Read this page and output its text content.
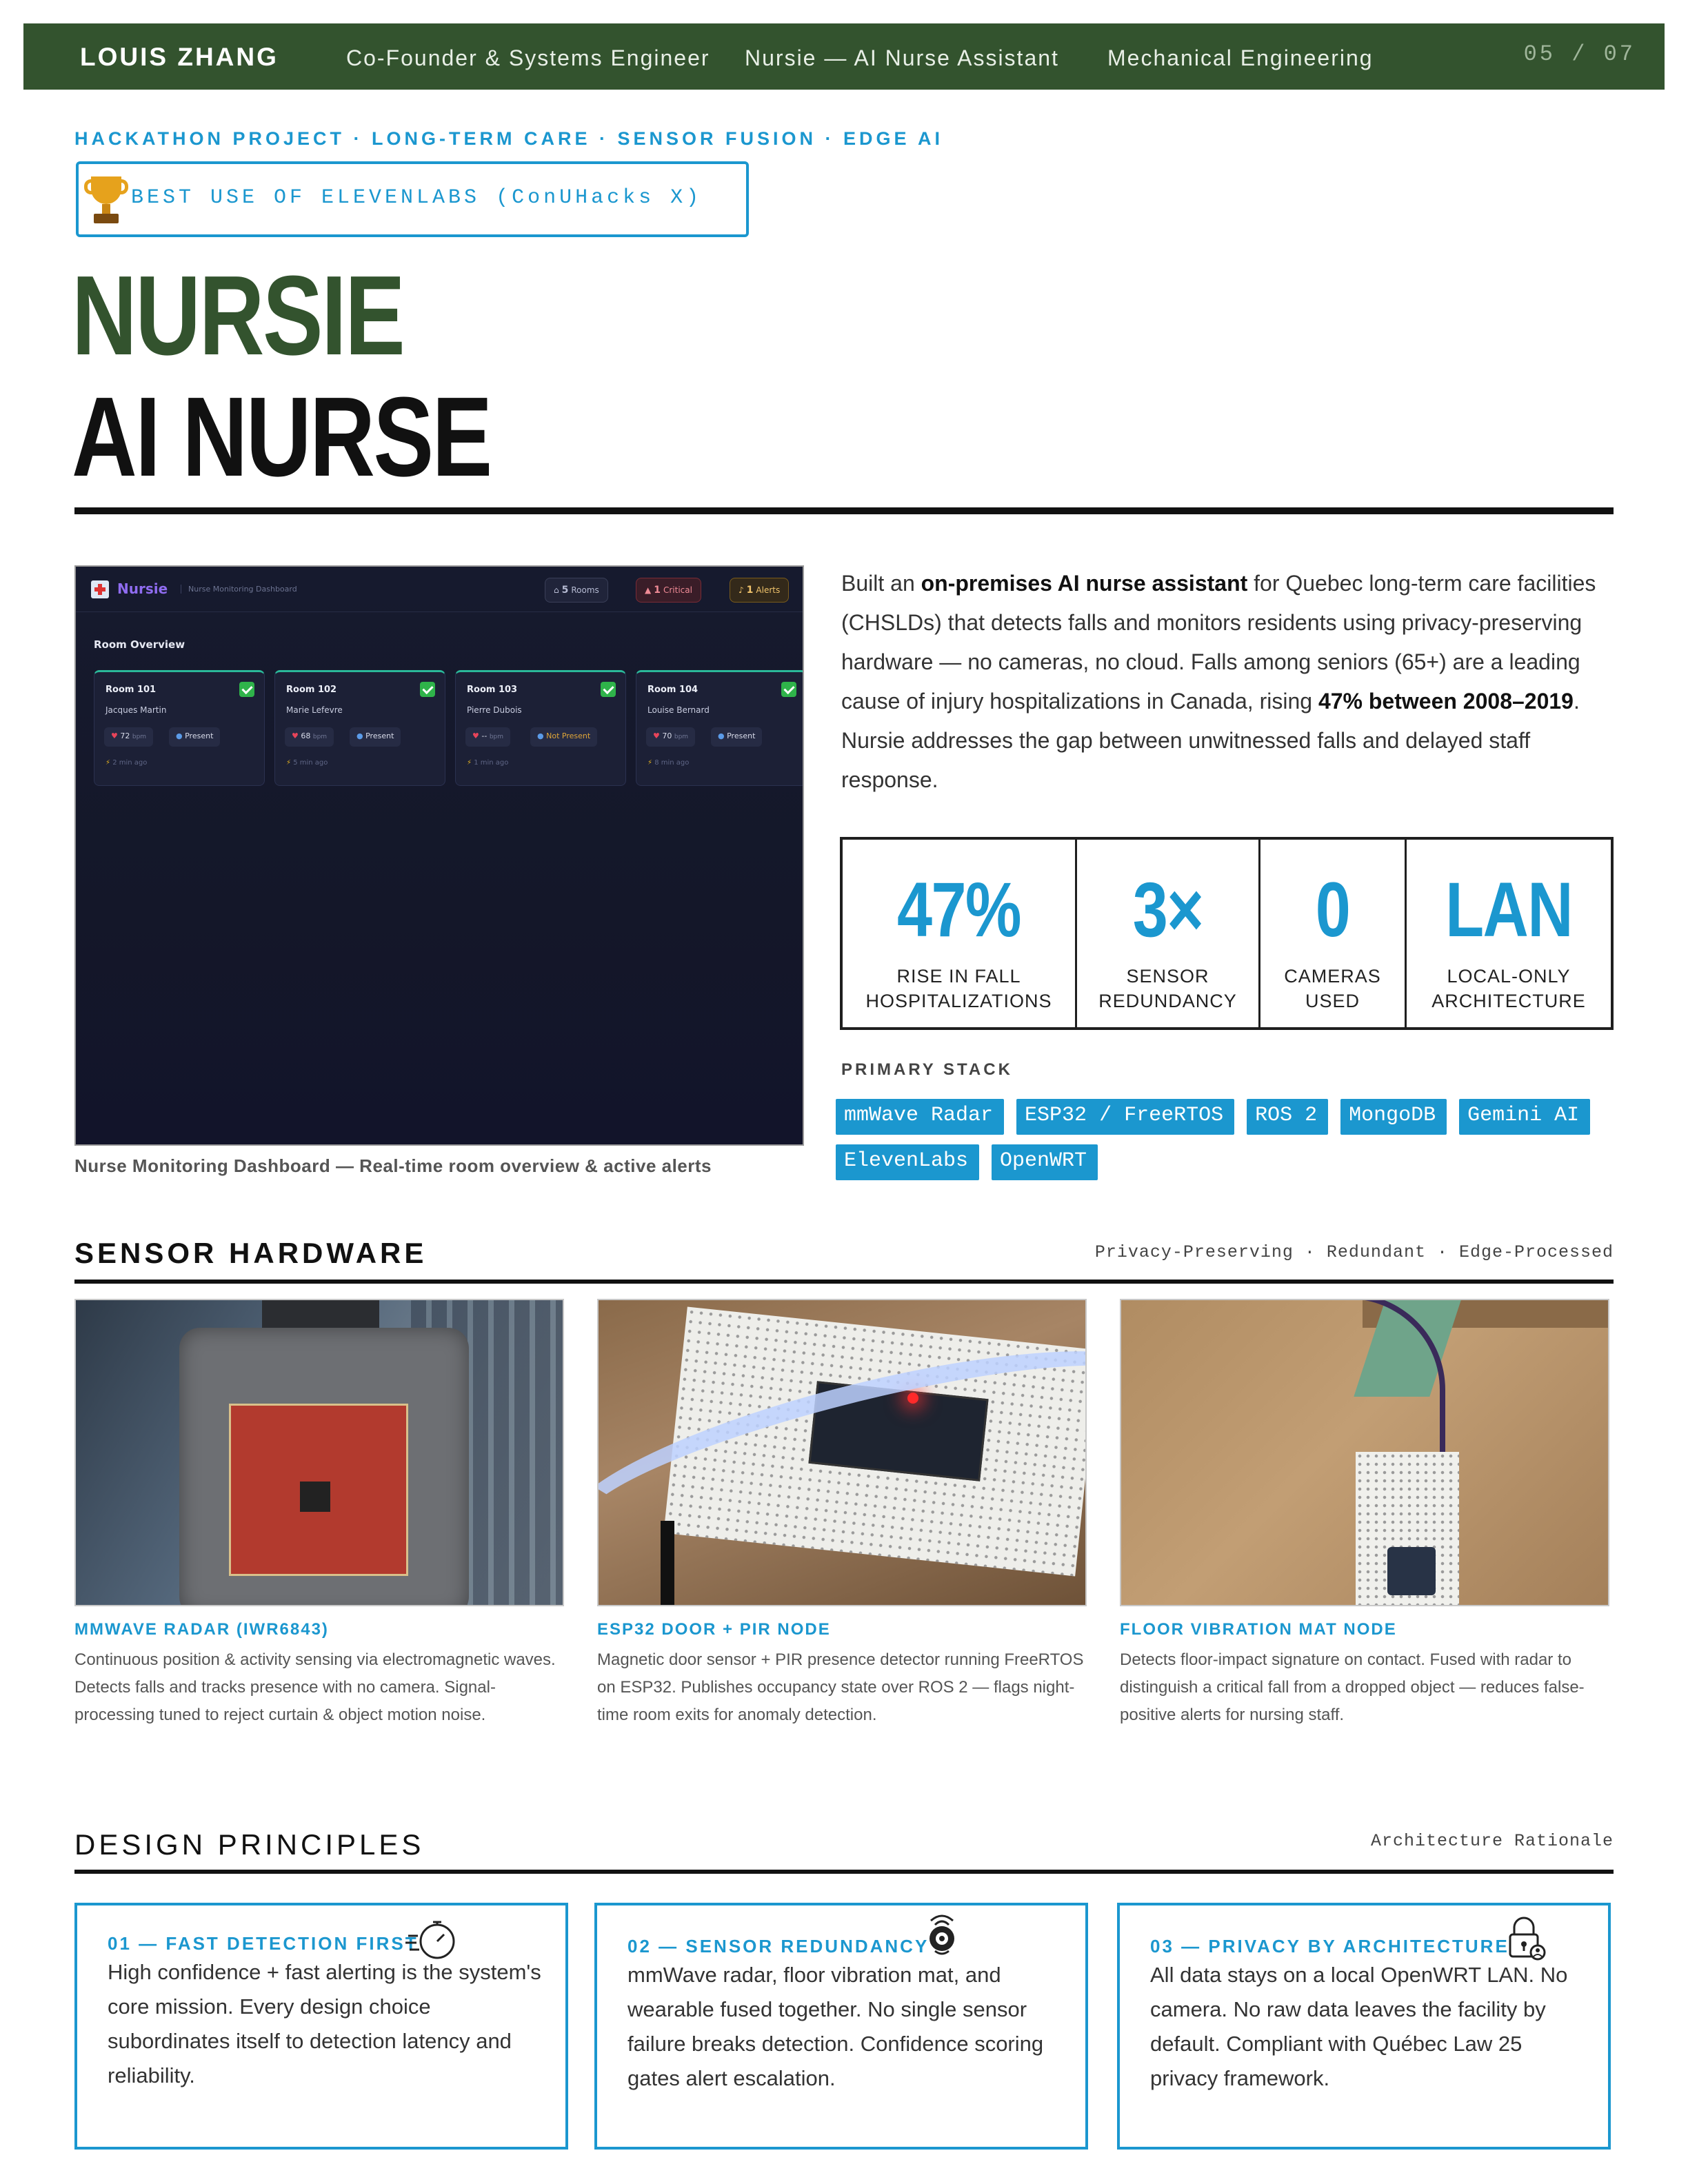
LOUIS ZHANG	Co-Founder & Systems Engineer Nursie — AI Nurse Assistant Mechanical Engineering	05 / 07
HACKATHON PROJECT · LONG-TERM CARE · SENSOR FUSION · EDGE AI
BEST USE OF ELEVENLABS (ConUHacks X)
NURSIE
AI NURSE
Nursie	Nurse Monitoring Dashboard	⌂ 5 Rooms	▲ 1 Critical	♪ 1 Alerts
Room Overview
Room 101
Jacques Martin
♥ 72 bpm	● Present
⚡ 2 min ago
Room 102
Marie Lefevre
♥ 68 bpm	● Present
⚡ 5 min ago
Room 103
Pierre Dubois
♥ -- bpm	● Not Present
⚡ 1 min ago
Room 104
Louise Bernard
♥ 70 bpm	● Present
⚡ 8 min ago
Nurse Monitoring Dashboard — Real-time room overview & active alerts
Built an on-premises AI nurse assistant for Quebec long-term care facilities (CHSLDs) that detects falls and monitors residents using privacy-preserving hardware — no cameras, no cloud. Falls among seniors (65+) are a leading cause of injury hospitalizations in Canada, rising 47% between 2008–2019. Nursie addresses the gap between unwitnessed falls and delayed staff response.
47%
RISE IN FALL
HOSPITALIZATIONS
3×
SENSOR
REDUNDANCY
0
CAMERAS
USED
LAN
LOCAL-ONLY
ARCHITECTURE
PRIMARY STACK
mmWave Radar	ESP32 / FreeRTOS	ROS 2	MongoDB	Gemini AI
ElevenLabs	OpenWRT
SENSOR HARDWARE	Privacy-Preserving · Redundant · Edge-Processed
MMWAVE RADAR (IWR6843)
Continuous position & activity sensing via electromagnetic waves. Detects falls and tracks presence with no camera. Signal-processing tuned to reject curtain & object motion noise.
ESP32 DOOR + PIR NODE
Magnetic door sensor + PIR presence detector running FreeRTOS on ESP32. Publishes occupancy state over ROS 2 — flags night-time room exits for anomaly detection.
FLOOR VIBRATION MAT NODE
Detects floor-impact signature on contact. Fused with radar to distinguish a critical fall from a dropped object — reduces false-positive alerts for nursing staff.
DESIGN PRINCIPLES	Architecture Rationale
01 — FAST DETECTION FIRST
High confidence + fast alerting is the system's core mission. Every design choice subordinates itself to detection latency and reliability.
02 — SENSOR REDUNDANCY
mmWave radar, floor vibration mat, and wearable fused together. No single sensor failure breaks detection. Confidence scoring gates alert escalation.
03 — PRIVACY BY ARCHITECTURE
All data stays on a local OpenWRT LAN. No camera. No raw data leaves the facility by default. Compliant with Québec Law 25 privacy framework.
